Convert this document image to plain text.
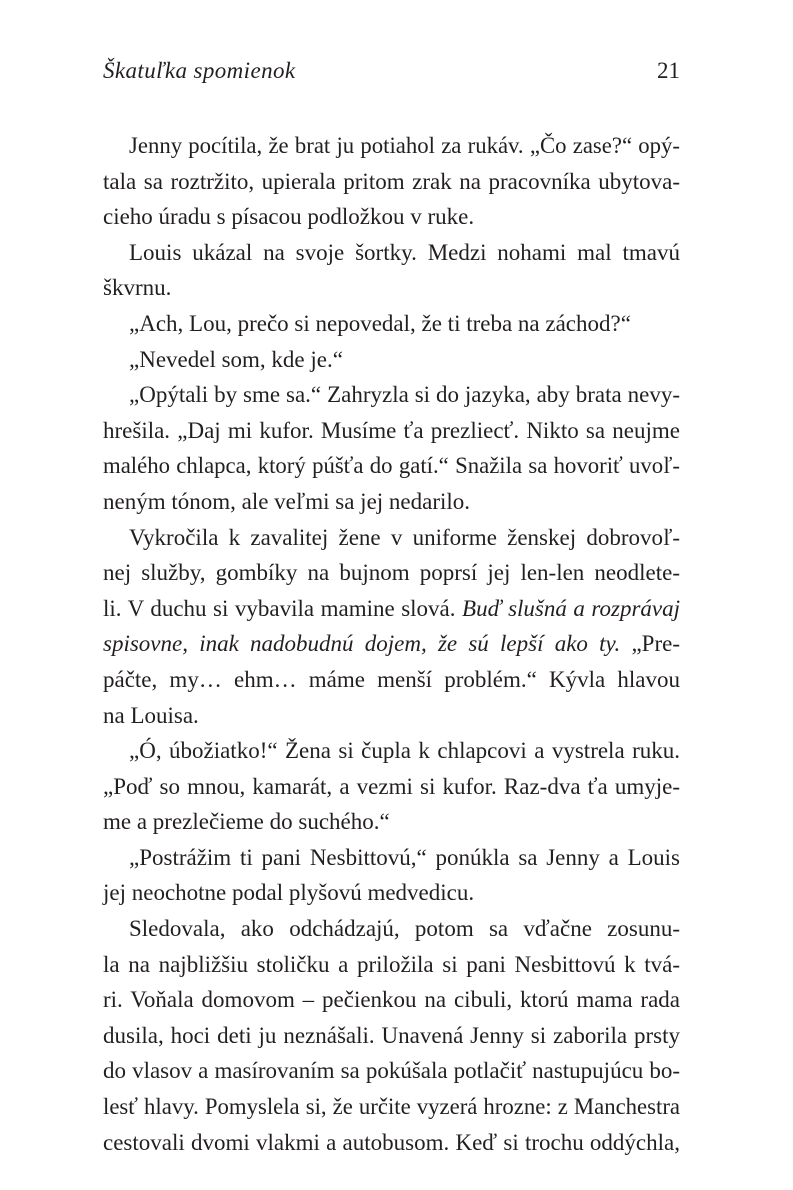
Škatuľka spomienok	21
Jenny pocítila, že brat ju potiahol za rukáv. „Čo zase?“ opý-
tala sa roztržito, upierala pritom zrak na pracovníka ubytova-
cieho úradu s písacou podložkou v ruke.
Louis ukázal na svoje šortky. Medzi nohami mal tmavú
škvrnu.
„Ach, Lou, prečo si nepovedal, že ti treba na záchod?“
„Nevedel som, kde je.“
„Opýtali by sme sa.“ Zahryzla si do jazyka, aby brata nevy-
hrešila. „Daj mi kufor. Musíme ťa prezliecť. Nikto sa neujme
malého chlapca, ktorý púšťa do gatí.“ Snažila sa hovoriť uvoľ-
neným tónom, ale veľmi sa jej nedarilo.
Vykročila k zavalitej žene v uniforme ženskej dobrovoľ-
nej služby, gombíky na bujnom poprsí jej len-len neodlete-
li. V duchu si vybavila mamine slová. Buď slušná a rozprávaj
spisovne, inak nadobudnú dojem, že sú lepší ako ty. „Pre-
páčte, my… ehm… máme menší problém.“ Kývla hlavou
na Louisa.
„Ó, úbožiatko!“ Žena si čupla k chlapcovi a vystrela ruku.
„Poď so mnou, kamarát, a vezmi si kufor. Raz-dva ťa umyje-
me a prezlečieme do suchého.“
„Postrážim ti pani Nesbittovú,“ ponúkla sa Jenny a Louis
jej neochotne podal plyšovú medvedicu.
Sledovala, ako odchádzajú, potom sa vďačne zosunu-
la na najbližšiu stoličku a priložila si pani Nesbittovú k tvá-
ri. Voňala domovom – pečienkou na cibuli, ktorú mama rada
dusila, hoci deti ju neznášali. Unavená Jenny si zaborila prsty
do vlasov a masírovaním sa pokúšala potlačiť nastupujúcu bo-
lesť hlavy. Pomyslela si, že určite vyzerá hrozne: z Manchestra
cestovali dvomi vlakmi a autobusom. Keď si trochu oddýchla,
